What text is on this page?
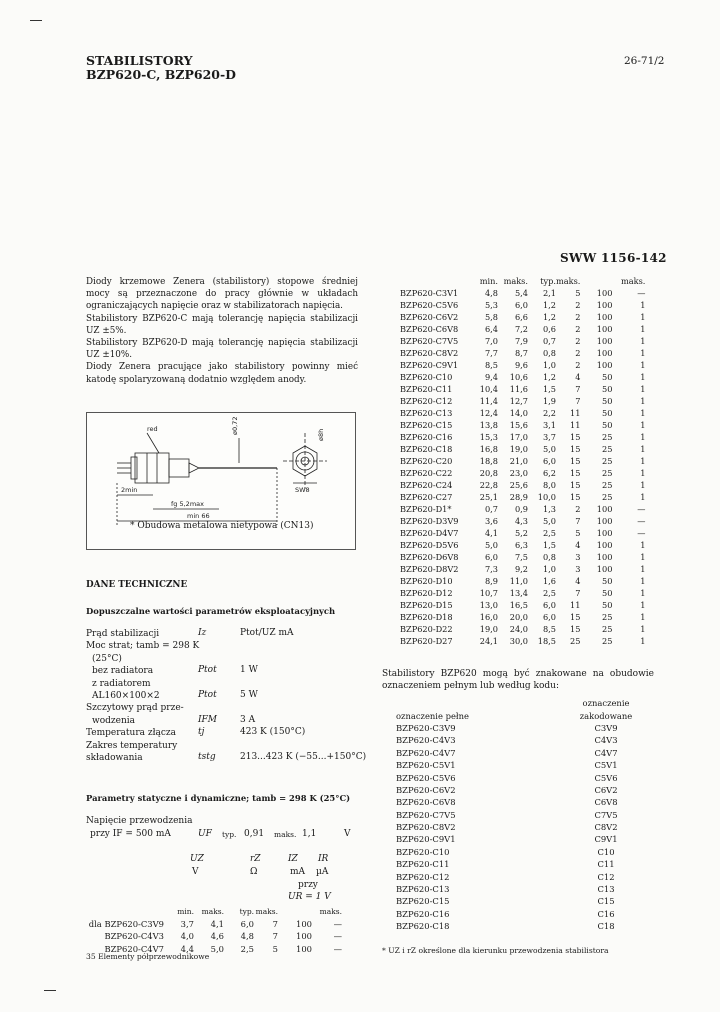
STABILISTORY
BZP620-C, BZP620-D
26-71/2
SWW 1156-142

Diody krzemowe Zenera (stabilistory) stopowe średniej mocy są przeznaczone do pracy głównie w układach ograniczających napięcie oraz w stabilizatorach napięcia.

Stabilistory BZP620-C mają tolerancję napięcia stabilizacji UZ ±5%.

Stabilistory BZP620-D mają tolerancję napięcia stabilizacji UZ ±10%.

Diody Zenera pracujące jako stabilistory powinny mieć katodę spolaryzowaną dodatnio względem anody.

red	ø0,72	ø8h
SW8
2min
fg 5,2max
min 66
* Obudowa metalowa nietypowa (CN13)
	min.	maks.	typ.	maks.		maks.
BZP620-C3V1	4,8	5,4	2,1	5	100	—
BZP620-C5V6	5,3	6,0	1,2	2	100	1
BZP620-C6V2	5,8	6,6	1,2	2	100	1
BZP620-C6V8	6,4	7,2	0,6	2	100	1
BZP620-C7V5	7,0	7,9	0,7	2	100	1
BZP620-C8V2	7,7	8,7	0,8	2	100	1
BZP620-C9V1	8,5	9,6	1,0	2	100	1
BZP620-C10	9,4	10,6	1,2	4	50	1
BZP620-C11	10,4	11,6	1,5	7	50	1
BZP620-C12	11,4	12,7	1,9	7	50	1
BZP620-C13	12,4	14,0	2,2	11	50	1
BZP620-C15	13,8	15,6	3,1	11	50	1
BZP620-C16	15,3	17,0	3,7	15	25	1
BZP620-C18	16,8	19,0	5,0	15	25	1
BZP620-C20	18,8	21,0	6,0	15	25	1
BZP620-C22	20,8	23,0	6,2	15	25	1
BZP620-C24	22,8	25,6	8,0	15	25	1
BZP620-C27	25,1	28,9	10,0	15	25	1
BZP620-D1*	0,7	0,9	1,3	2	100	—
BZP620-D3V9	3,6	4,3	5,0	7	100	—
BZP620-D4V7	4,1	5,2	2,5	5	100	—
BZP620-D5V6	5,0	6,3	1,5	4	100	1
BZP620-D6V8	6,0	7,5	0,8	3	100	1
BZP620-D8V2	7,3	9,2	1,0	3	100	1
BZP620-D10	8,9	11,0	1,6	4	50	1
BZP620-D12	10,7	13,4	2,5	7	50	1
BZP620-D15	13,0	16,5	6,0	11	50	1
BZP620-D18	16,0	20,0	6,0	15	25	1
BZP620-D22	19,0	24,0	8,5	15	25	1
BZP620-D27	24,1	30,0	18,5	25	25	1
DANE TECHNICZNE
Dopuszczalne wartości parametrów eksploatacyjnych
Prąd stabilizacji	Iz	Ptot/UZ mA
Moc strat; tamb = 298 K
(25°C)
bez radiatora	Ptot	1 W
z radiatorem
AL160×100×2	Ptot	5 W
Szczytowy prąd prze-
wodzenia	IFM	3 A
Temperatura złącza tj	423 K (150°C)
Zakres temperatury
składowania	tstg	213...423 K (−55...+150°C)
Parametry statyczne i dynamiczne; tamb = 298 K (25°C)
Napięcie przewodzenia
przy IF = 500 mA	UF typ. 0,91 maks. 1,1	V
UZ	rZ	IZ IR
V	Ω	mA µA
przy
UR = 1 V
	min.	maks.	typ.	maks.		maks.
dla BZP620-C3V9	3,7	4,1	6,0	7	100	—
BZP620-C4V3	4,0	4,6	4,8	7	100	—
BZP620-C4V7	4,4	5,0	2,5	5	100	—
35 Elementy półprzewodnikowe
Stabilistory BZP620 mogą być znakowane na obudowie oznaczeniem pełnym lub według kodu:
	oznaczenie
oznaczenie pełne	zakodowane
BZP620-C3V9	C3V9
BZP620-C4V3	C4V3
BZP620-C4V7	C4V7
BZP620-C5V1	C5V1
BZP620-C5V6	C5V6
BZP620-C6V2	C6V2
BZP620-C6V8	C6V8
BZP620-C7V5	C7V5
BZP620-C8V2	C8V2
BZP620-C9V1	C9V1
BZP620-C10	C10
BZP620-C11	C11
BZP620-C12	C12
BZP620-C13	C13
BZP620-C15	C15
BZP620-C16	C16
BZP620-C18	C18
* UZ i rZ określone dla kierunku przewodzenia stabilistora
